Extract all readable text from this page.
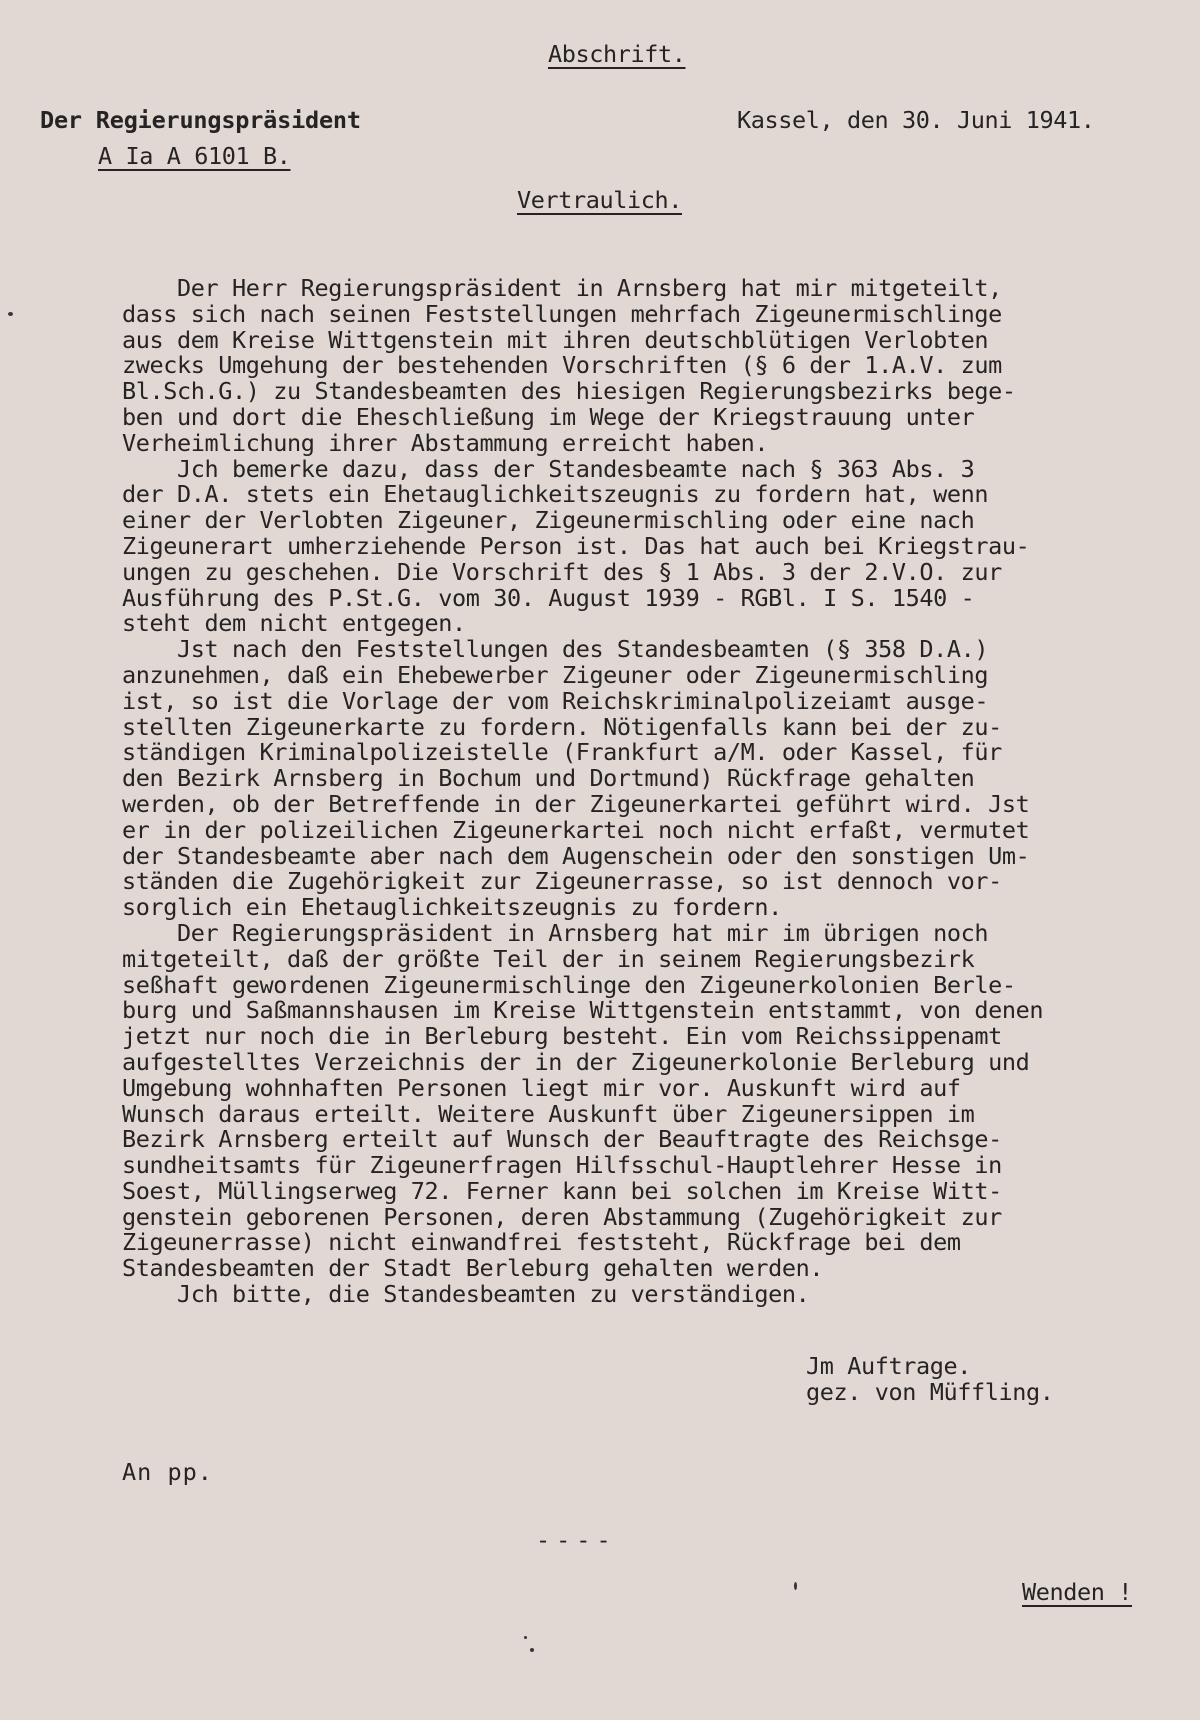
Abschrift.
Der Regierungspräsident
A Ia A 6101 B.
Kassel, den 30. Juni 1941.
Vertraulich.
Der Herr Regierungspräsident in Arnsberg hat mir mitgeteilt,
dass sich nach seinen Feststellungen mehrfach Zigeunermischlinge
aus dem Kreise Wittgenstein mit ihren deutschblütigen Verlobten
zwecks Umgehung der bestehenden Vorschriften (§ 6 der 1.A.V. zum
Bl.Sch.G.) zu Standesbeamten des hiesigen Regierungsbezirks bege-
ben und dort die Eheschließung im Wege der Kriegstrauung unter
Verheimlichung ihrer Abstammung erreicht haben.
Jch bemerke dazu, dass der Standesbeamte nach § 363 Abs. 3
der D.A. stets ein Ehetauglichkeitszeugnis zu fordern hat, wenn
einer der Verlobten Zigeuner, Zigeunermischling oder eine nach
Zigeunerart umherziehende Person ist. Das hat auch bei Kriegstrau-
ungen zu geschehen. Die Vorschrift des § 1 Abs. 3 der 2.V.O. zur
Ausführung des P.St.G. vom 30. August 1939 - RGBl. I S. 1540 -
steht dem nicht entgegen.
Jst nach den Feststellungen des Standesbeamten (§ 358 D.A.)
anzunehmen, daß ein Ehebewerber Zigeuner oder Zigeunermischling
ist, so ist die Vorlage der vom Reichskriminalpolizeiamt ausge-
stellten Zigeunerkarte zu fordern. Nötigenfalls kann bei der zu-
ständigen Kriminalpolizeistelle (Frankfurt a/M. oder Kassel, für
den Bezirk Arnsberg in Bochum und Dortmund) Rückfrage gehalten
werden, ob der Betreffende in der Zigeunerkartei geführt wird. Jst
er in der polizeilichen Zigeunerkartei noch nicht erfaßt, vermutet
der Standesbeamte aber nach dem Augenschein oder den sonstigen Um-
ständen die Zugehörigkeit zur Zigeunerrasse, so ist dennoch vor-
sorglich ein Ehetauglichkeitszeugnis zu fordern.
Der Regierungspräsident in Arnsberg hat mir im übrigen noch
mitgeteilt, daß der größte Teil der in seinem Regierungsbezirk
seßhaft gewordenen Zigeunermischlinge den Zigeunerkolonien Berle-
burg und Saßmannshausen im Kreise Wittgenstein entstammt, von denen
jetzt nur noch die in Berleburg besteht. Ein vom Reichssippenamt
aufgestelltes Verzeichnis der in der Zigeunerkolonie Berleburg und
Umgebung wohnhaften Personen liegt mir vor. Auskunft wird auf
Wunsch daraus erteilt. Weitere Auskunft über Zigeunersippen im
Bezirk Arnsberg erteilt auf Wunsch der Beauftragte des Reichsge-
sundheitsamts für Zigeunerfragen Hilfsschul-Hauptlehrer Hesse in
Soest, Müllingserweg 72. Ferner kann bei solchen im Kreise Witt-
genstein geborenen Personen, deren Abstammung (Zugehörigkeit zur
Zigeunerrasse) nicht einwandfrei feststeht, Rückfrage bei dem
Standesbeamten der Stadt Berleburg gehalten werden.
Jch bitte, die Standesbeamten zu verständigen.
Jm Auftrage.
gez. von Müffling.
An pp.
----
Wenden !
